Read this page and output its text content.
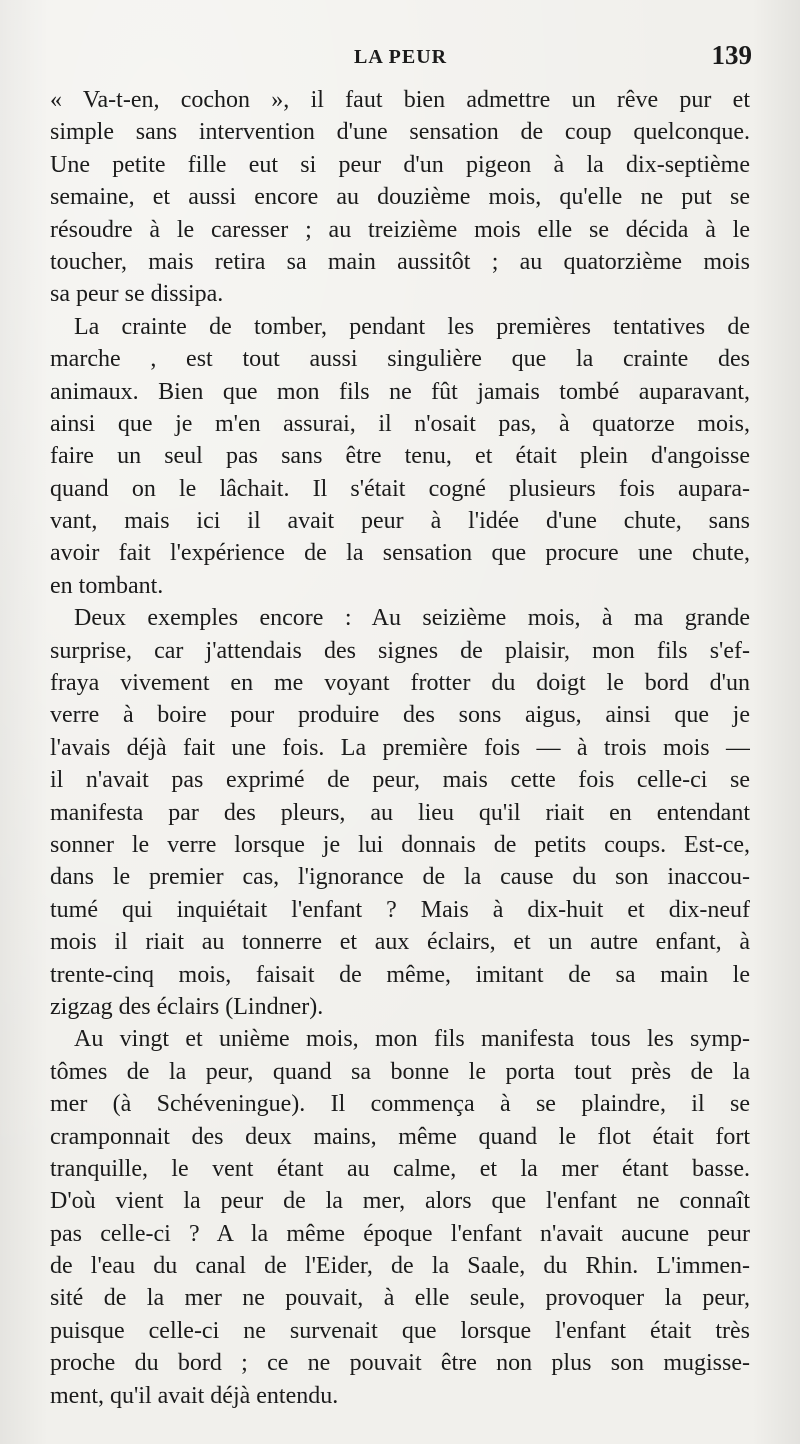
LA PEUR	139
« Va-t-en, cochon », il faut bien admettre un rêve pur et
simple sans intervention d'une sensation de coup quelconque.
Une petite fille eut si peur d'un pigeon à la dix-septième
semaine, et aussi encore au douzième mois, qu'elle ne put se
résoudre à le caresser ; au treizième mois elle se décida à le
toucher, mais retira sa main aussitôt ; au quatorzième mois
sa peur se dissipa.
La crainte de tomber, pendant les premières tentatives de
marche , est tout aussi singulière que la crainte des
animaux. Bien que mon fils ne fût jamais tombé auparavant,
ainsi que je m'en assurai, il n'osait pas, à quatorze mois,
faire un seul pas sans être tenu, et était plein d'angoisse
quand on le lâchait. Il s'était cogné plusieurs fois aupara-
vant, mais ici il avait peur à l'idée d'une chute, sans
avoir fait l'expérience de la sensation que procure une chute,
en tombant.
Deux exemples encore : Au seizième mois, à ma grande
surprise, car j'attendais des signes de plaisir, mon fils s'ef-
fraya vivement en me voyant frotter du doigt le bord d'un
verre à boire pour produire des sons aigus, ainsi que je
l'avais déjà fait une fois. La première fois — à trois mois —
il n'avait pas exprimé de peur, mais cette fois celle-ci se
manifesta par des pleurs, au lieu qu'il riait en entendant
sonner le verre lorsque je lui donnais de petits coups. Est-ce,
dans le premier cas, l'ignorance de la cause du son inaccou-
tumé qui inquiétait l'enfant ? Mais à dix-huit et dix-neuf
mois il riait au tonnerre et aux éclairs, et un autre enfant, à
trente-cinq mois, faisait de même, imitant de sa main le
zigzag des éclairs (Lindner).
Au vingt et unième mois, mon fils manifesta tous les symp-
tômes de la peur, quand sa bonne le porta tout près de la
mer (à Schéveningue). Il commença à se plaindre, il se
cramponnait des deux mains, même quand le flot était fort
tranquille, le vent étant au calme, et la mer étant basse.
D'où vient la peur de la mer, alors que l'enfant ne connaît
pas celle-ci ? A la même époque l'enfant n'avait aucune peur
de l'eau du canal de l'Eider, de la Saale, du Rhin. L'immen-
sité de la mer ne pouvait, à elle seule, provoquer la peur,
puisque celle-ci ne survenait que lorsque l'enfant était très
proche du bord ; ce ne pouvait être non plus son mugisse-
ment, qu'il avait déjà entendu.
